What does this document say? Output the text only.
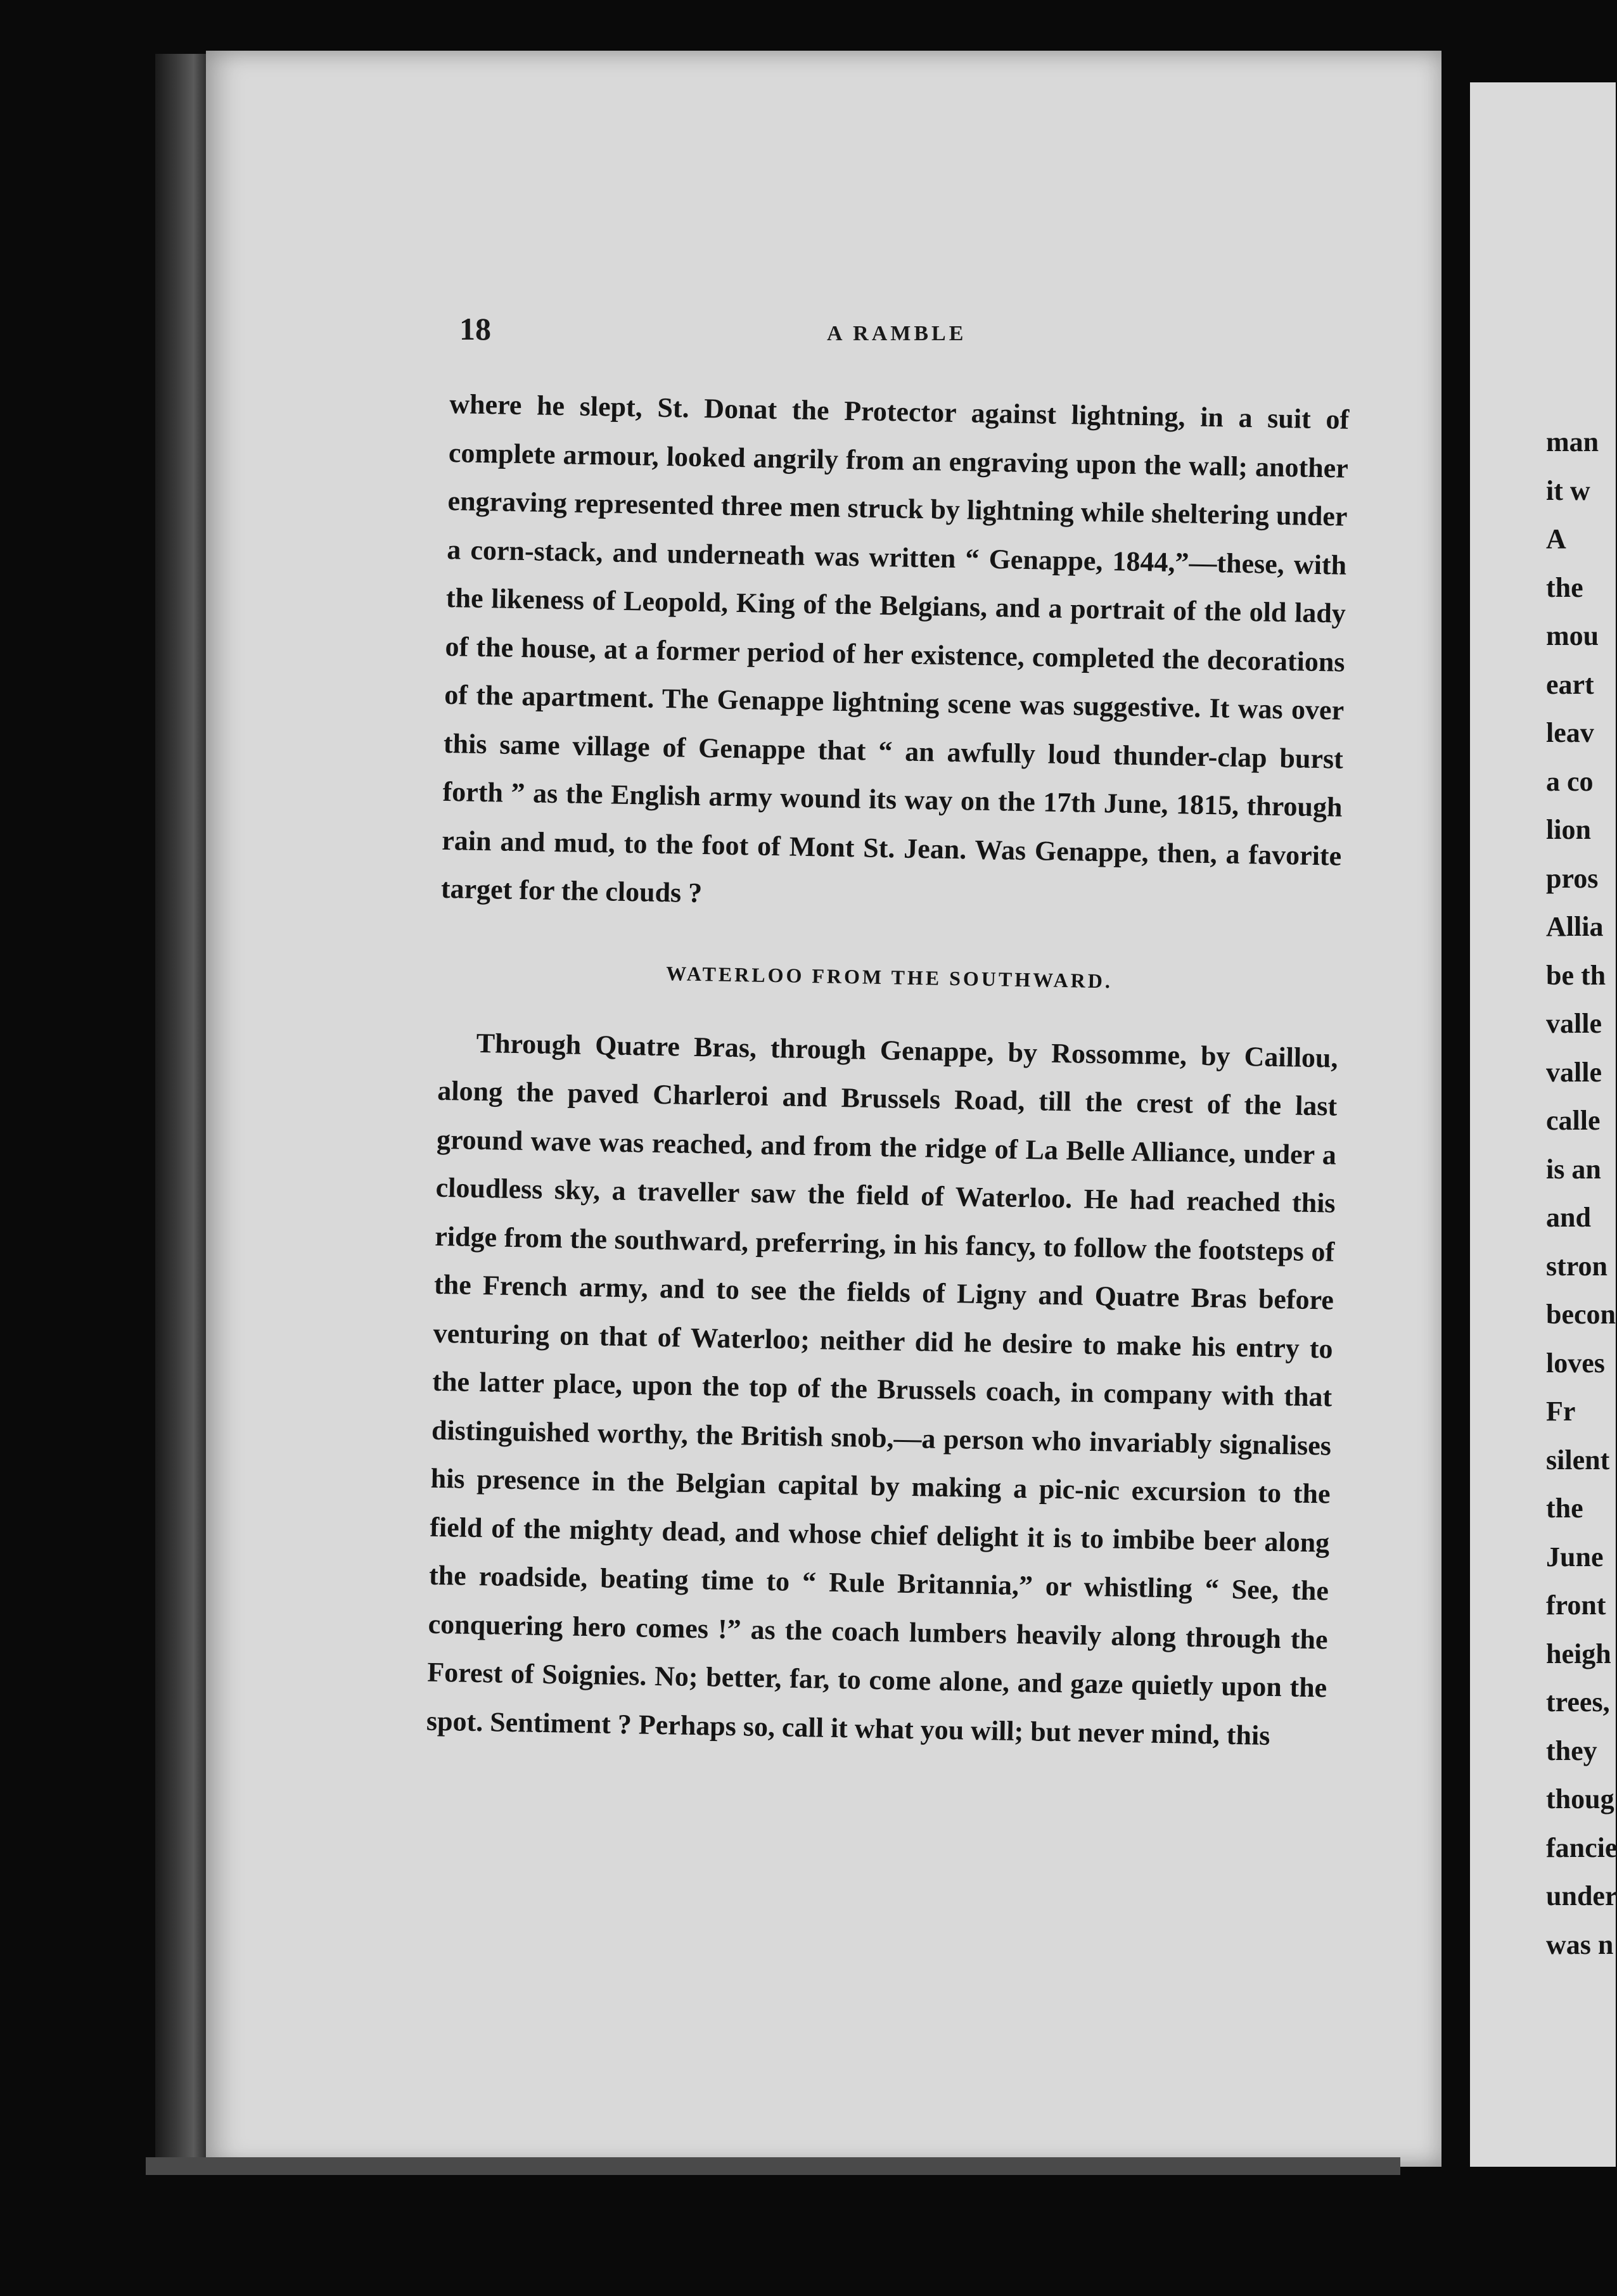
18	A RAMBLE

where he slept, St. Donat the Protector against lightning, in a suit of complete armour, looked angrily from an engraving upon the wall; another engraving represented three men struck by lightning while sheltering under a corn-stack, and underneath was written “ Genappe, 1844,”—these, with the likeness of Leopold, King of the Belgians, and a portrait of the old lady of the house, at a former period of her existence, completed the decorations of the apartment. The Genappe lightning scene was suggestive. It was over this same village of Genappe that “ an awfully loud thunder-clap burst forth ” as the English army wound its way on the 17th June, 1815, through rain and mud, to the foot of Mont St. Jean. Was Genappe, then, a favorite target for the clouds ?

WATERLOO FROM THE SOUTHWARD.

Through Quatre Bras, through Genappe, by Rossomme, by Caillou, along the paved Charleroi and Brussels Road, till the crest of the last ground wave was reached, and from the ridge of La Belle Alliance, under a cloudless sky, a traveller saw the field of Waterloo. He had reached this ridge from the southward, preferring, in his fancy, to follow the footsteps of the French army, and to see the fields of Ligny and Quatre Bras before venturing on that of Waterloo; neither did he desire to make his entry to the latter place, upon the top of the Brussels coach, in company with that distinguished worthy, the British snob,—a person who invariably signalises his presence in the Belgian capital by making a pic-nic excursion to the field of the mighty dead, and whose chief delight it is to imbibe beer along the roadside, beating time to “ Rule Britannia,” or whistling “ See, the conquering hero comes !” as the coach lumbers heavily along through the Forest of Soignies. No; better, far, to come alone, and gaze quietly upon the spot. Sentiment ? Perhaps so, call it what you will; but never mind, this

man
it w
A
the
mou
eart
leav
a co
lion
pros
Allia
be th
valle
valle
calle
is an
and
stron
becon
loves
Fr
silent
the
June
front
heigh
trees,
they
thoug
fancie
under
was n
